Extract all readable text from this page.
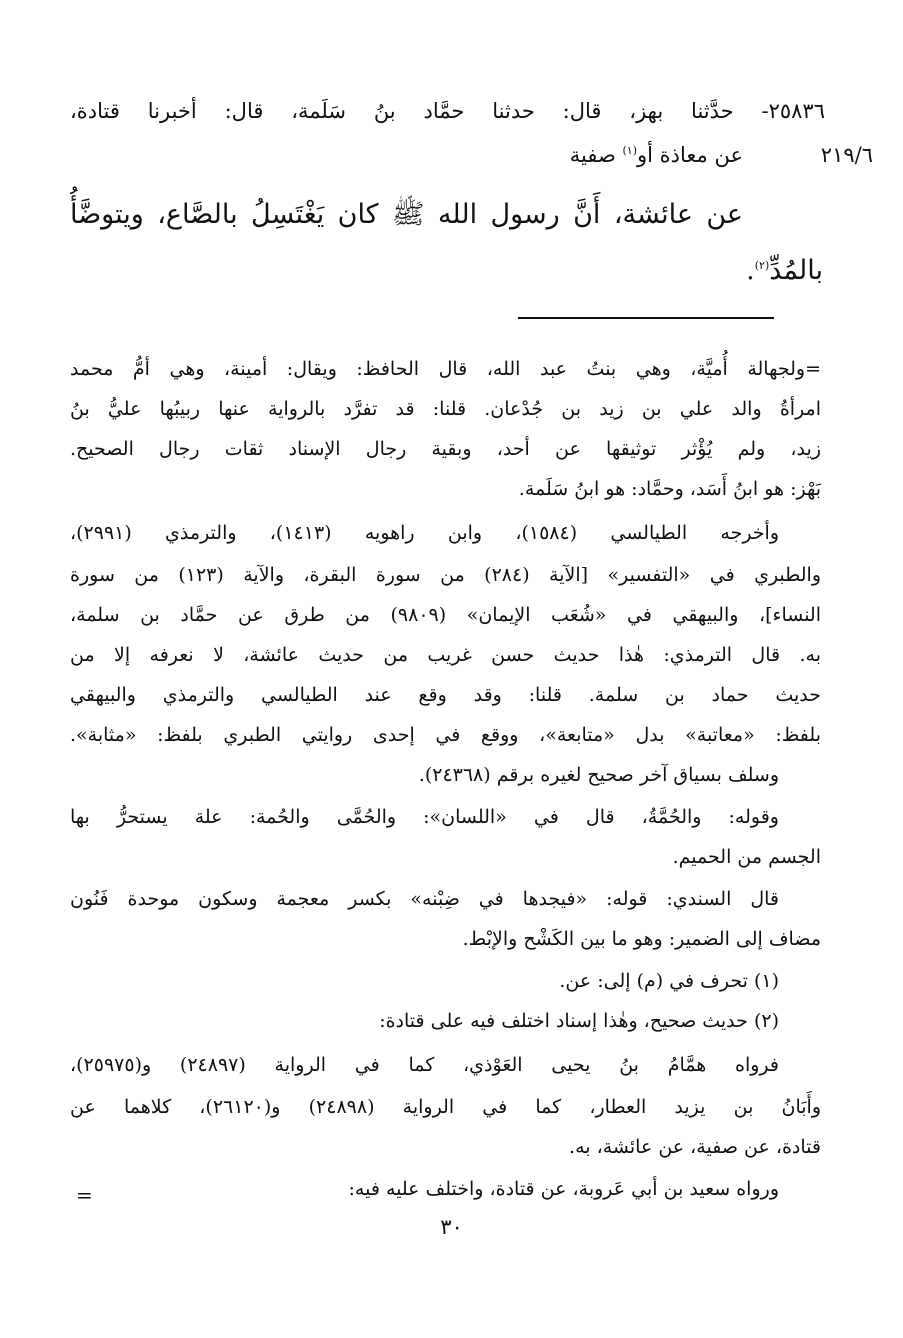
٢٥٨٣٦- حدَّثنا بهز، قال: حدثنا حمَّاد بنُ سَلَمة، قال: أخبرنا قتادة،
عن معاذة أو$^{(١)}$ صفية	٢١٩/٦
عن عائشة، أَنَّ رسول الله ﷺ كان يَغْتَسِلُ بالصَّاع، ويتوضَّأُ
بالمُدِّ$^{(٢)}$.
=ولجهالة أُميَّة، وهي بنتُ عبد الله، قال الحافظ: ويقال: أمينة، وهي أمُّ محمد
امرأةُ والد علي بن زيد بن جُدْعان. قلنا: قد تفرَّد بالرواية عنها ربيبُها عليُّ بنُ
زيد، ولم يُؤْثر توثيقها عن أحد، وبقية رجال الإسناد ثقات رجال الصحيح.
بَهْز: هو ابنُ أَسَد، وحمَّاد: هو ابنُ سَلَمة.
وأخرجه الطيالسي (١٥٨٤)، وابن راهويه (١٤١٣)، والترمذي (٢٩٩١)،
والطبري في «التفسير» [الآية (٢٨٤) من سورة البقرة، والآية (١٢٣) من سورة
النساء]، والبيهقي في «شُعَب الإيمان» (٩٨٠٩) من طرق عن حمَّاد بن سلمة،
به. قال الترمذي: هٰذا حديث حسن غريب من حديث عائشة، لا نعرفه إلا من
حديث حماد بن سلمة. قلنا: وقد وقع عند الطيالسي والترمذي والبيهقي
بلفظ: «معاتبة» بدل «متابعة»، ووقع في إحدى روايتي الطبري بلفظ: «مثابة».
وسلف بسياق آخر صحيح لغيره برقم (٢٤٣٦٨).
وقوله: والحُمَّةُ، قال في «اللسان»: والحُمَّى والحُمة: علة يستحرُّ بها
الجسم من الحميم.
قال السندي: قوله: «فيجدها في ضِبْنه» بكسر معجمة وسكون موحدة فَنُون
مضاف إلى الضمير: وهو ما بين الكَشْح والإبْط.
(١) تحرف في (م) إلى: عن.
(٢) حديث صحيح، وهٰذا إسناد اختلف فيه على قتادة:
فرواه همَّامُ بنُ يحيى العَوْذي، كما في الرواية (٢٤٨٩٧) و(٢٥٩٧٥)،
وأَبَانُ بن يزيد العطار، كما في الرواية (٢٤٨٩٨) و(٢٦١٢٠)، كلاهما عن
قتادة، عن صفية، عن عائشة، به.
ورواه سعيد بن أبي عَروبة، عن قتادة، واختلف عليه فيه:
=
٣٠
